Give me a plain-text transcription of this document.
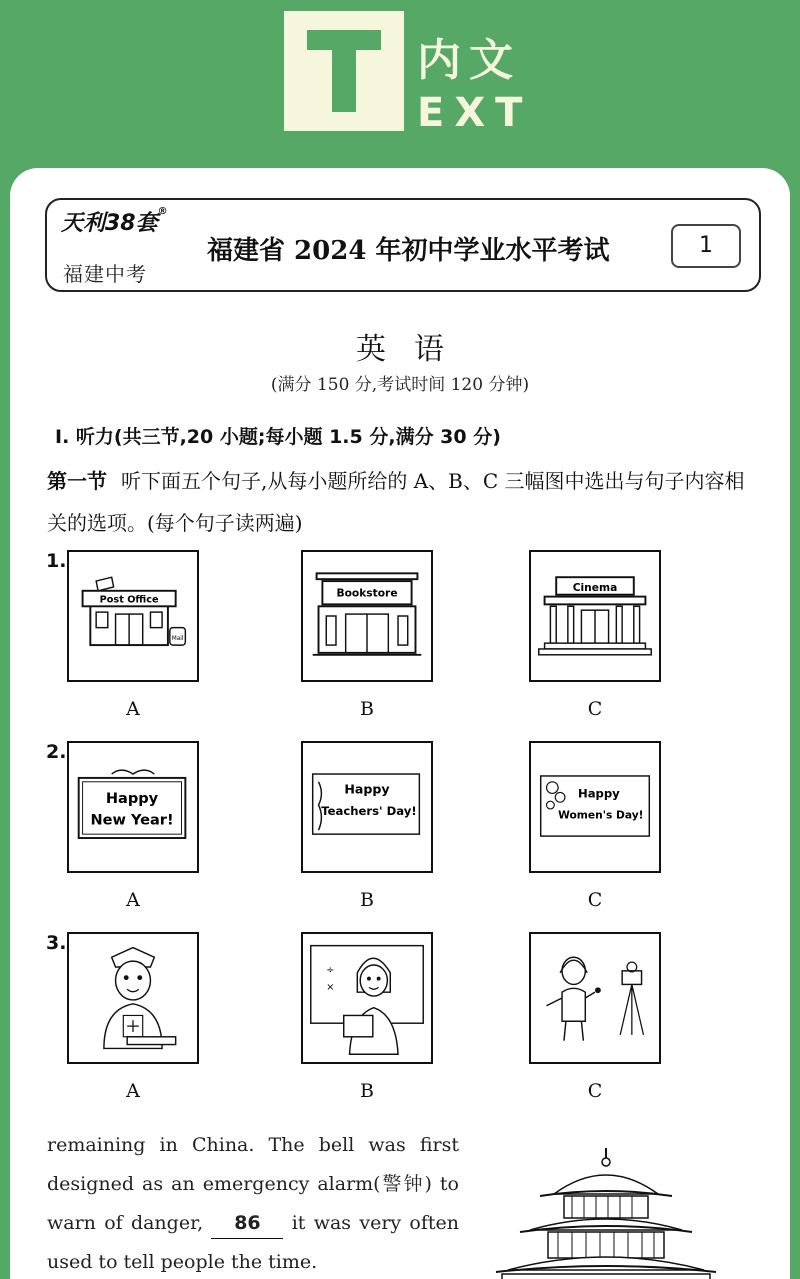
内文
EXT
天利38套®
福建中考
福建省 2024 年初中学业水平考试	1
英语
(满分 150 分,考试时间 120 分钟)
I. 听力(共三节,20 小题;每小题 1.5 分,满分 30 分)
第一节 听下面五个句子,从每小题所给的 A、B、C 三幅图中选出与句子内容相关的选项。(每个句子读两遍)
1.
Post Office
Mail
Bookstore	Cinema
A	B	C
2.
Happy
New Year!
Happy
Teachers' Day!
Happy
Women's Day!
A	B	C
3.
÷
×
A	B	C
remaining in China. The bell was first designed as an emergency alarm(警钟) to warn of danger, 86 it was very often used to tell people the time.
